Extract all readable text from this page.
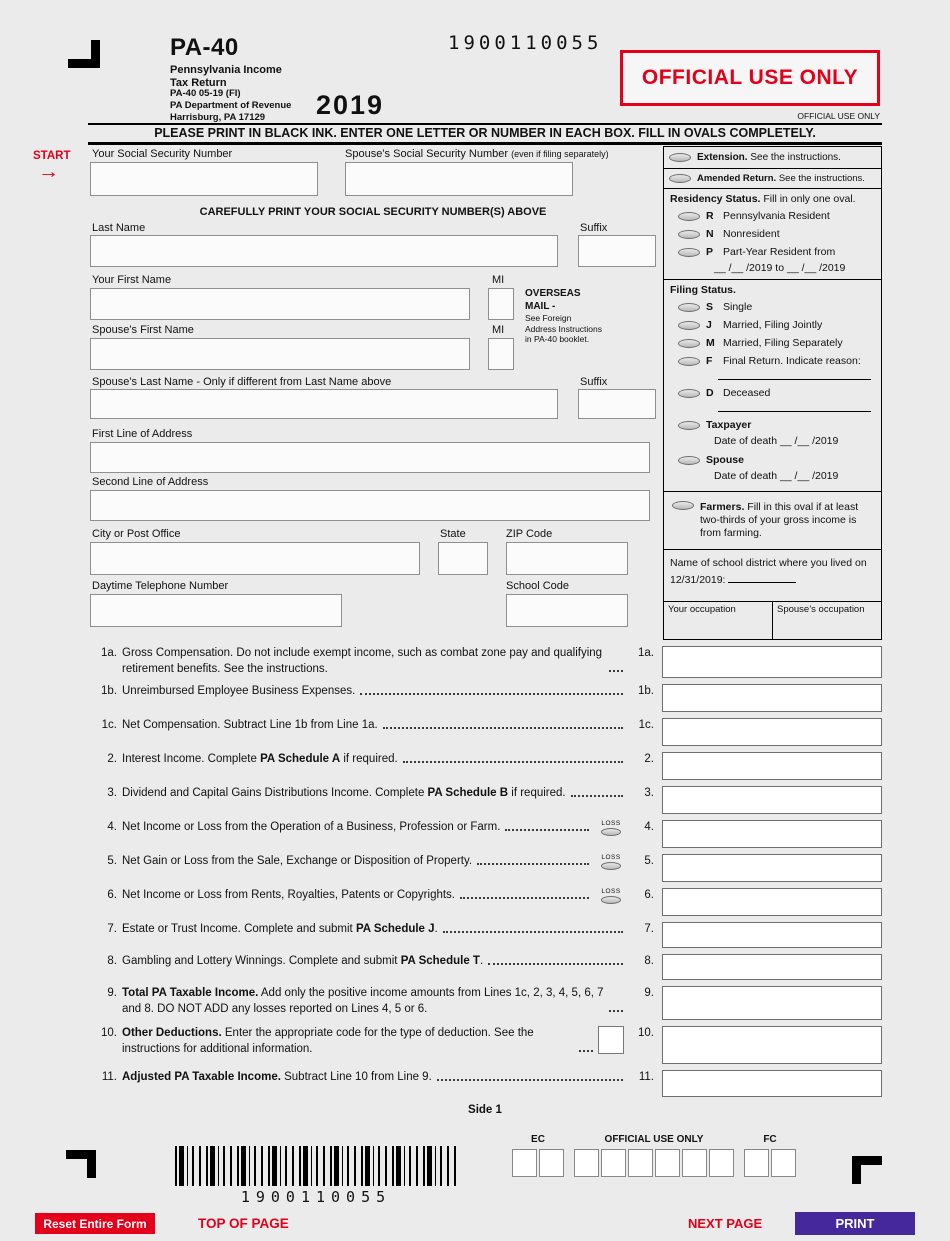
PA-40
Pennsylvania Income
Tax Return
PA-40 05-19 (FI)
PA Department of Revenue
Harrisburg, PA 17129	2019
1900110055
OFFICIAL USE ONLY
OFFICIAL USE ONLY
PLEASE PRINT IN BLACK INK. ENTER ONE LETTER OR NUMBER IN EACH BOX. FILL IN OVALS COMPLETELY.
START
→
Your Social Security Number	Spouse’s Social Security Number (even if filing separately)
CAREFULLY PRINT YOUR SOCIAL SECURITY NUMBER(S) ABOVE
Last Name	Suffix
Your First Name	MI
Spouse’s First Name	MI
Spouse’s Last Name - Only if different from Last Name above	Suffix
First Line of Address
Second Line of Address
City or Post Office	State	ZIP Code
Daytime Telephone Number	School Code
OVERSEAS
MAIL -
See Foreign
Address Instructions
in PA-40 booklet.
Extension. See the instructions.
Amended Return. See the instructions.
Residency Status. Fill in only one oval.
R Pennsylvania Resident
N Nonresident
P Part-Year Resident from
__ /__ /2019 to __ /__ /2019
Filing Status.
S Single
J	Married, Filing Jointly
M Married, Filing Separately
F	Final Return. Indicate reason:
D Deceased
Taxpayer
Date of death __ /__ /2019
Spouse
Date of death __ /__ /2019
Farmers. Fill in this oval if at least two-thirds of your gross income is from farming.
Name of school district where you lived on 12/31/2019:
Your occupation	Spouse’s occupation
1a. Gross Compensation. Do not include exempt income, such as combat zone pay and qualifying retirement benefits. See the instructions.
1a.
1b. Unreimbursed Employee Business Expenses.	1b.
1c. Net Compensation. Subtract Line 1b from Line 1a.	1c.
2. Interest Income. Complete PA Schedule A if required.	2.
3. Dividend and Capital Gains Distributions Income. Complete PA Schedule B if required.	3.
4. Net Income or Loss from the Operation of a Business, Profession or Farm.	LOSS	4.
5. Net Gain or Loss from the Sale, Exchange or Disposition of Property.	LOSS	5.
6. Net Income or Loss from Rents, Royalties, Patents or Copyrights.	LOSS	6.
7. Estate or Trust Income. Complete and submit PA Schedule J.	7.
8. Gambling and Lottery Winnings. Complete and submit PA Schedule T.	8.
9. Total PA Taxable Income. Add only the positive income amounts from Lines 1c, 2, 3, 4, 5, 6, 7 and 8. DO NOT ADD any losses reported on Lines 4, 5 or 6.
9.
10. Other Deductions. Enter the appropriate code for the type of deduction. See the instructions for additional information.
10.
11. Adjusted PA Taxable Income. Subtract Line 10 from Line 9.	11.
Side 1
1900110055
EC	OFFICIAL USE ONLY	FC
Reset Entire Form	TOP OF PAGE	NEXT PAGE	PRINT
